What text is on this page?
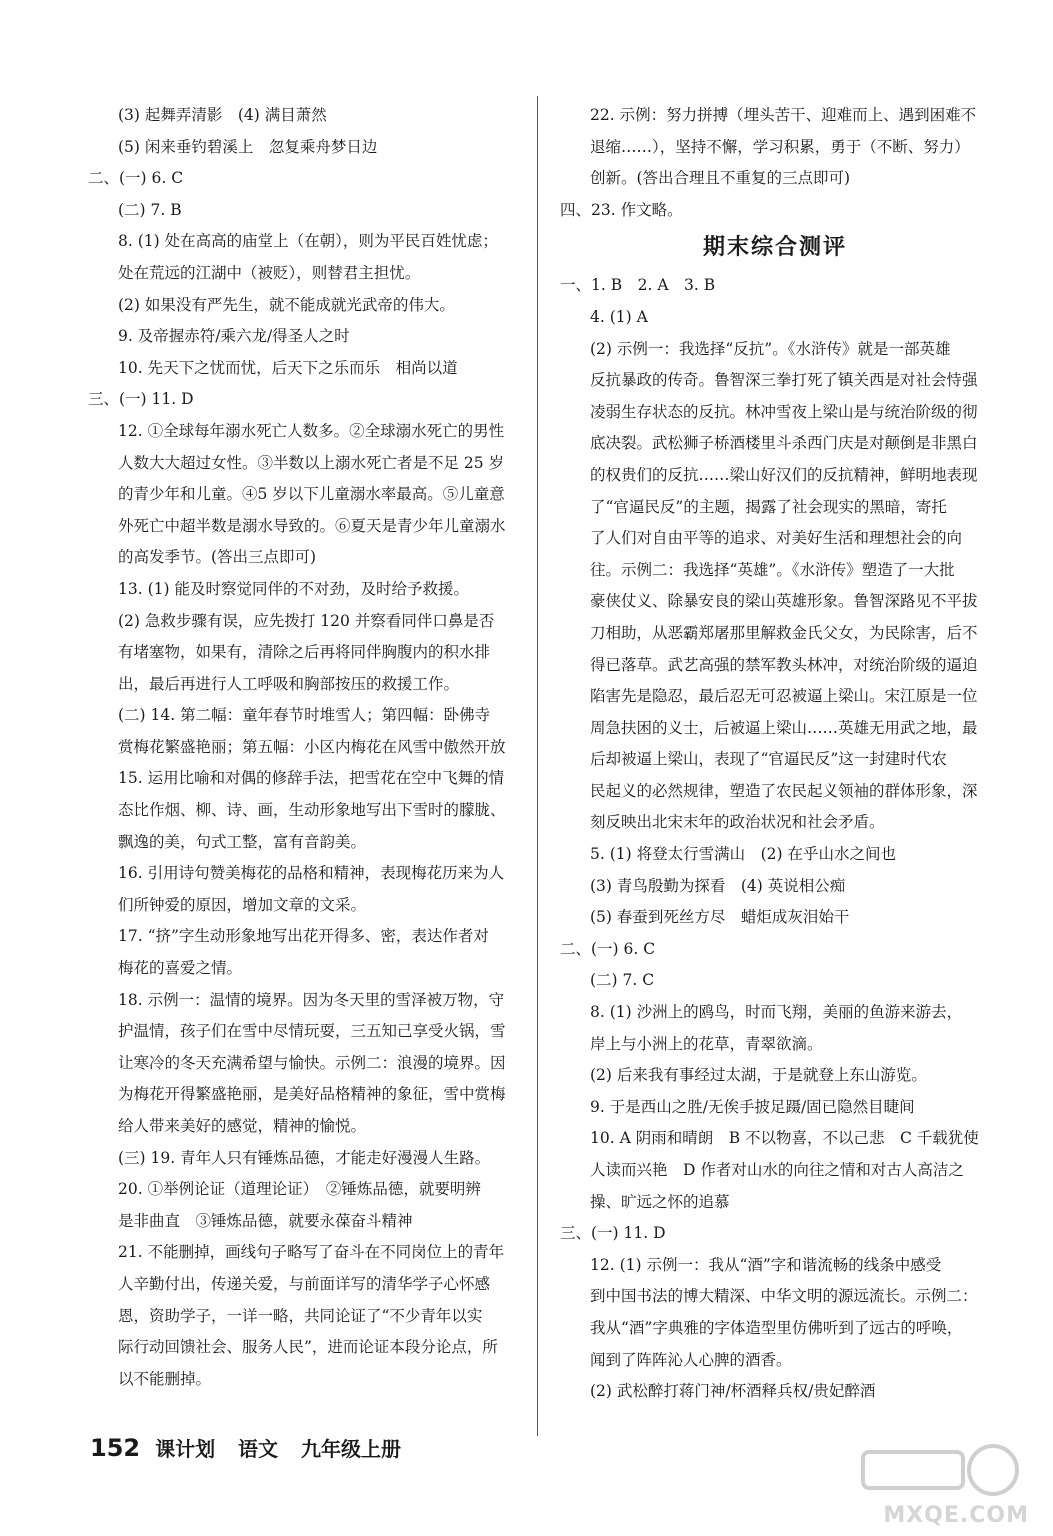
(3) 起舞弄清影　(4) 满目萧然
(5) 闲来垂钓碧溪上　忽复乘舟梦日边
二、(一) 6. C
(二) 7. B
8. (1) 处在高高的庙堂上（在朝），则为平民百姓忧虑；
处在荒远的江湖中（被贬），则替君主担忧。
(2) 如果没有严先生，就不能成就光武帝的伟大。
9. 及帝握赤符/乘六龙/得圣人之时
10. 先天下之忧而忧，后天下之乐而乐　相尚以道
三、(一) 11. D
12. ①全球每年溺水死亡人数多。②全球溺水死亡的男性
人数大大超过女性。③半数以上溺水死亡者是不足 25 岁
的青少年和儿童。④5 岁以下儿童溺水率最高。⑤儿童意
外死亡中超半数是溺水导致的。⑥夏天是青少年儿童溺水
的高发季节。(答出三点即可)
13. (1) 能及时察觉同伴的不对劲，及时给予救援。
(2) 急救步骤有误，应先拨打 120 并察看同伴口鼻是否
有堵塞物，如果有，清除之后再将同伴胸腹内的积水排
出，最后再进行人工呼吸和胸部按压的救援工作。
(二) 14. 第二幅：童年春节时堆雪人；第四幅：卧佛寺
赏梅花繁盛艳丽；第五幅：小区内梅花在风雪中傲然开放
15. 运用比喻和对偶的修辞手法，把雪花在空中飞舞的情
态比作烟、柳、诗、画，生动形象地写出下雪时的朦胧、
飘逸的美，句式工整，富有音韵美。
16. 引用诗句赞美梅花的品格和精神，表现梅花历来为人
们所钟爱的原因，增加文章的文采。
17. “挤”字生动形象地写出花开得多、密，表达作者对
梅花的喜爱之情。
18. 示例一：温情的境界。因为冬天里的雪泽被万物，守
护温情，孩子们在雪中尽情玩耍，三五知己享受火锅，雪
让寒冷的冬天充满希望与愉快。示例二：浪漫的境界。因
为梅花开得繁盛艳丽，是美好品格精神的象征，雪中赏梅
给人带来美好的感觉，精神的愉悦。
(三) 19. 青年人只有锤炼品德，才能走好漫漫人生路。
20. ①举例论证（道理论证）　②锤炼品德，就要明辨
是非曲直　③锤炼品德，就要永葆奋斗精神
21. 不能删掉，画线句子略写了奋斗在不同岗位上的青年
人辛勤付出，传递关爱，与前面详写的清华学子心怀感
恩，资助学子，一详一略，共同论证了“不少青年以实
际行动回馈社会、服务人民”，进而论证本段分论点，所
以不能删掉。
22. 示例：努力拼搏（埋头苦干、迎难而上、遇到困难不
退缩……），坚持不懈，学习积累，勇于（不断、努力）
创新。(答出合理且不重复的三点即可)
四、23. 作文略。
期末综合测评
一、1. B　2. A　3. B
4. (1) A
(2) 示例一：我选择“反抗”。《水浒传》就是一部英雄
反抗暴政的传奇。鲁智深三拳打死了镇关西是对社会恃强
凌弱生存状态的反抗。林冲雪夜上梁山是与统治阶级的彻
底决裂。武松狮子桥酒楼里斗杀西门庆是对颠倒是非黑白
的权贵们的反抗……梁山好汉们的反抗精神，鲜明地表现
了“官逼民反”的主题，揭露了社会现实的黑暗，寄托
了人们对自由平等的追求、对美好生活和理想社会的向
往。示例二：我选择“英雄”。《水浒传》塑造了一大批
豪侠仗义、除暴安良的梁山英雄形象。鲁智深路见不平拔
刀相助，从恶霸郑屠那里解救金氏父女，为民除害，后不
得已落草。武艺高强的禁军教头林冲，对统治阶级的逼迫
陷害先是隐忍，最后忍无可忍被逼上梁山。宋江原是一位
周急扶困的义士，后被逼上梁山……英雄无用武之地，最
后却被逼上梁山，表现了“官逼民反”这一封建时代农
民起义的必然规律，塑造了农民起义领袖的群体形象，深
刻反映出北宋末年的政治状况和社会矛盾。
5. (1) 将登太行雪满山　(2) 在乎山水之间也
(3) 青鸟殷勤为探看　(4) 英说相公痴
(5) 春蚕到死丝方尽　蜡炬成灰泪始干
二、(一) 6. C
(二) 7. C
8. (1) 沙洲上的鸥鸟，时而飞翔，美丽的鱼游来游去，
岸上与小洲上的花草，青翠欲滴。
(2) 后来我有事经过太湖，于是就登上东山游览。
9. 于是西山之胜/无俟手披足蹑/固已隐然目睫间
10. A 阴雨和晴朗　B 不以物喜，不以己悲　C 千载犹使
人读而兴艳　D 作者对山水的向往之情和对古人高洁之
操、旷远之怀的追慕
三、(一) 11. D
12. (1) 示例一：我从“酒”字和谐流畅的线条中感受
到中国书法的博大精深、中华文明的源远流长。示例二：
我从“酒”字典雅的字体造型里仿佛听到了远古的呼唤，
闻到了阵阵沁人心脾的酒香。
(2) 武松醉打蒋门神/杯酒释兵权/贵妃醉酒
152 课计划 语文 九年级上册
MXQE.COM
